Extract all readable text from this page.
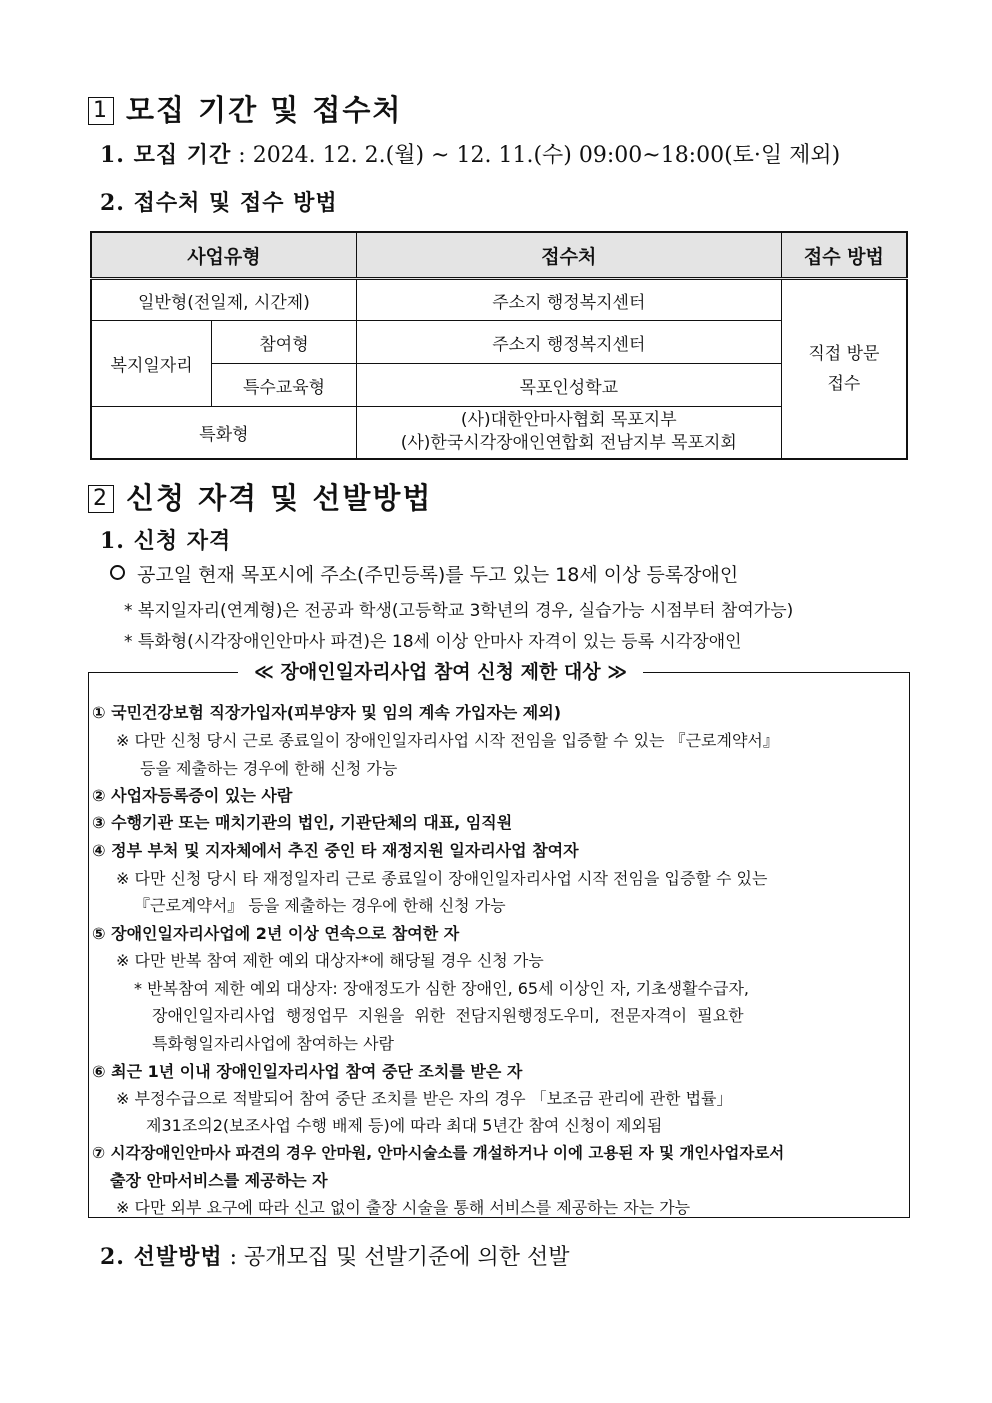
1 모집 기간 및 접수처
1. 모집 기간 : 2024. 12. 2.(월) ~ 12. 11.(수) 09:00~18:00(토·일 제외)
2. 접수처 및 접수 방법
사업유형		접수처	접수 방법
일반형(전일제, 시간제)		주소지 행정복지센터	직접 방문
접수

복지일자리	참여형	주소지 행정복지센터	
	특수교육형	목포인성학교	
특화형		(사)대한안마사협회 목포지부
(사)한국시각장애인연합회 전남지부 목포지회	
2 신청 자격 및 선발방법
1. 신청 자격
공고일 현재 목포시에 주소(주민등록)를 두고 있는 18세 이상 등록장애인
* 복지일자리(연계형)은 전공과 학생(고등학교 3학년의 경우, 실습가능 시점부터 참여가능)
* 특화형(시각장애인안마사 파견)은 18세 이상 안마사 자격이 있는 등록 시각장애인
≪ 장애인일자리사업 참여 신청 제한 대상 ≫
① 국민건강보험 직장가입자(피부양자 및 임의 계속 가입자는 제외)
※ 다만 신청 당시 근로 종료일이 장애인일자리사업 시작 전임을 입증할 수 있는 『근로계약서』
등을 제출하는 경우에 한해 신청 가능
② 사업자등록증이 있는 사람
③ 수행기관 또는 매치기관의 법인, 기관단체의 대표, 임직원
④ 정부 부처 및 지자체에서 추진 중인 타 재정지원 일자리사업 참여자
※ 다만 신청 당시 타 재정일자리 근로 종료일이 장애인일자리사업 시작 전임을 입증할 수 있는
『근로계약서』 등을 제출하는 경우에 한해 신청 가능
⑤ 장애인일자리사업에 2년 이상 연속으로 참여한 자
※ 다만 반복 참여 제한 예외 대상자*에 해당될 경우 신청 가능
* 반복참여 제한 예외 대상자: 장애정도가 심한 장애인, 65세 이상인 자, 기초생활수급자,
장애인일자리사업  행정업무  지원을  위한  전담지원행정도우미,  전문자격이  필요한
특화형일자리사업에 참여하는 사람
⑥ 최근 1년 이내 장애인일자리사업 참여 중단 조치를 받은 자
※ 부정수급으로 적발되어 참여 중단 조치를 받은 자의 경우 「보조금 관리에 관한 법률」
제31조의2(보조사업 수행 배제 등)에 따라 최대 5년간 참여 신청이 제외됨
⑦ 시각장애인안마사 파견의 경우 안마원, 안마시술소를 개설하거나 이에 고용된 자 및 개인사업자로서
출장 안마서비스를 제공하는 자
※ 다만 외부 요구에 따라 신고 없이 출장 시술을 통해 서비스를 제공하는 자는 가능
2. 선발방법 : 공개모집 및 선발기준에 의한 선발
